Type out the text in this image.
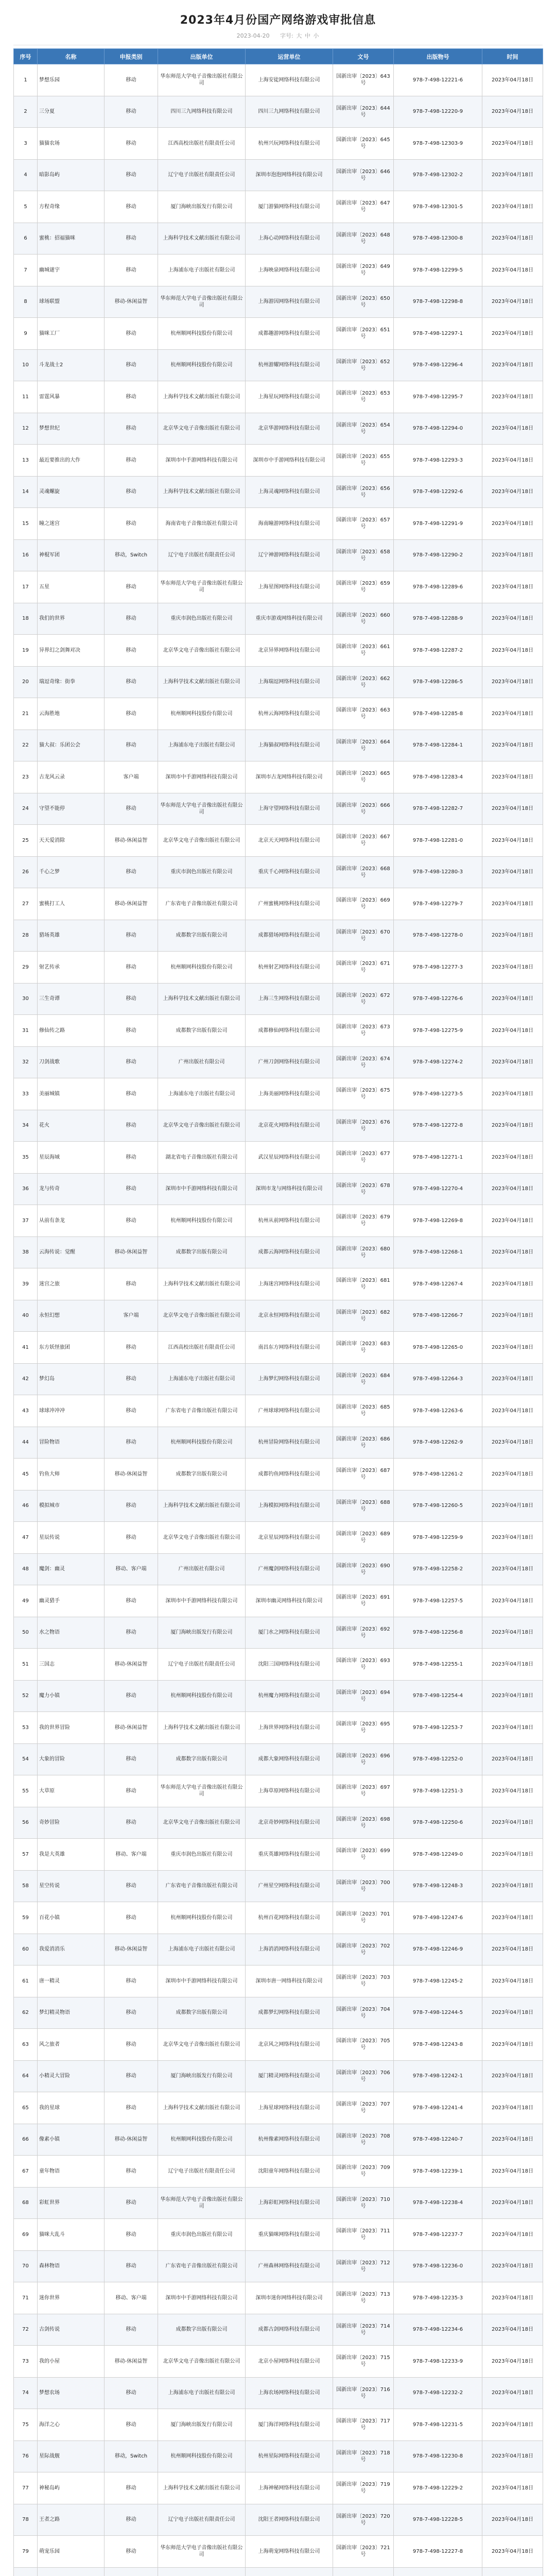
2023年4月份国产网络游戏审批信息
2023-04-20 字号: 大 中 小
序号	名称	申报类别	出版单位	运营单位	文号	出版物号	时间
1	梦想乐园	移动	华东师范大学电子音像出版社有限公司	上海安徒网络科技有限公司	国新出审〔2023〕643号	978-7-498-12221-6	2023年04月18日
2	三分夏	移动	四川三九网络科技有限公司	四川三九网络科技有限公司	国新出审〔2023〕644号	978-7-498-12220-9	2023年04月18日
3	猫猫农场	移动	江西高校出版社有限责任公司	杭州兴玩网络科技有限公司	国新出审〔2023〕645号	978-7-498-12303-9	2023年04月18日
4	暗影岛屿	移动	辽宁电子出版社有限责任公司	深圳市泡泡网络科技有限公司	国新出审〔2023〕646号	978-7-498-12302-2	2023年04月18日
5	方程奇缘	移动	厦门海峡出版发行有限公司	厦门游猫网络科技有限公司	国新出审〔2023〕647号	978-7-498-12301-5	2023年04月18日
6	蜜桃：招福猫咪	移动	上海科学技术文献出版社有限公司	上海心动网络科技有限公司	国新出审〔2023〕648号	978-7-498-12300-8	2023年04月18日
7	幽城谜宇	移动	上海浦东电子出版社有限公司	上海映泉网络科技有限公司	国新出审〔2023〕649号	978-7-498-12299-5	2023年04月18日
8	球场联盟	移动-休闲益智	华东师范大学电子音像出版社有限公司	上海游因网络科技有限公司	国新出审〔2023〕650号	978-7-498-12298-8	2023年04月18日
9	猫咪工厂	移动	杭州顺网科技股份有限公司	成都趣游网络科技有限公司	国新出审〔2023〕651号	978-7-498-12297-1	2023年04月18日
10	斗龙战士2	移动	杭州顺网科技股份有限公司	杭州游耀网络科技有限公司	国新出审〔2023〕652号	978-7-498-12296-4	2023年04月18日
11	雷霆风暴	移动	上海科学技术文献出版社有限公司	上海星玩网络科技有限公司	国新出审〔2023〕653号	978-7-498-12295-7	2023年04月18日
12	梦想世纪	移动	北京华文电子音像出版社有限公司	北京华游网络科技有限公司	国新出审〔2023〕654号	978-7-498-12294-0	2023年04月18日
13	最近要推出的大作	移动	深圳市中手游网络科技有限公司	深圳市中手游网络科技有限公司	国新出审〔2023〕655号	978-7-498-12293-3	2023年04月18日
14	灵魂螺旋	移动	上海科学技术文献出版社有限公司	上海灵魂网络科技有限公司	国新出审〔2023〕656号	978-7-498-12292-6	2023年04月18日
15	瞳之迷宫	移动	海南省电子音像出版社有限公司	海南瞳游网络科技有限公司	国新出审〔2023〕657号	978-7-498-12291-9	2023年04月18日
16	神棍军团	移动，Switch	辽宁电子出版社有限责任公司	辽宁神游网络科技有限公司	国新出审〔2023〕658号	978-7-498-12290-2	2023年04月18日
17	五星	移动	华东师范大学电子音像出版社有限公司	上海星图网络科技有限公司	国新出审〔2023〕659号	978-7-498-12289-6	2023年04月18日
18	我们的世界	移动	重庆市润色出版社有限公司	重庆市游戏网络科技有限公司	国新出审〔2023〕660号	978-7-498-12288-9	2023年04月18日
19	异界幻之剑舞对决	移动	北京华文电子音像出版社有限公司	北京异界网络科技有限公司	国新出审〔2023〕661号	978-7-498-12287-2	2023年04月18日
20	瑞逗奇缘：街拳	移动	上海科学技术文献出版社有限公司	上海瑞逗网络科技有限公司	国新出审〔2023〕662号	978-7-498-12286-5	2023年04月18日
21	云海胜地	移动	杭州顺网科技股份有限公司	杭州云海网络科技有限公司	国新出审〔2023〕663号	978-7-498-12285-8	2023年04月18日
22	猫大叔：乐团公会	移动	上海浦东电子出版社有限公司	上海猫叔网络科技有限公司	国新出审〔2023〕664号	978-7-498-12284-1	2023年04月18日
23	古龙风云录	客户端	深圳市中手游网络科技有限公司	深圳市古龙网络科技有限公司	国新出审〔2023〕665号	978-7-498-12283-4	2023年04月18日
24	守望不能停	移动	华东师范大学电子音像出版社有限公司	上海守望网络科技有限公司	国新出审〔2023〕666号	978-7-498-12282-7	2023年04月18日
25	天天爱消除	移动-休闲益智	北京华文电子音像出版社有限公司	北京天天网络科技有限公司	国新出审〔2023〕667号	978-7-498-12281-0	2023年04月18日
26	千心之梦	移动	重庆市润色出版社有限公司	重庆千心网络科技有限公司	国新出审〔2023〕668号	978-7-498-12280-3	2023年04月18日
27	蜜桃打工人	移动-休闲益智	广东省电子音像出版社有限公司	广州蜜桃网络科技有限公司	国新出审〔2023〕669号	978-7-498-12279-7	2023年04月18日
28	猎场英雄	移动	成都数字出版有限公司	成都猎场网络科技有限公司	国新出审〔2023〕670号	978-7-498-12278-0	2023年04月18日
29	射艺传承	移动	杭州顺网科技股份有限公司	杭州射艺网络科技有限公司	国新出审〔2023〕671号	978-7-498-12277-3	2023年04月18日
30	三生奇谭	移动	上海科学技术文献出版社有限公司	上海三生网络科技有限公司	国新出审〔2023〕672号	978-7-498-12276-6	2023年04月18日
31	修仙传之路	移动	成都数字出版有限公司	成都修仙网络科技有限公司	国新出审〔2023〕673号	978-7-498-12275-9	2023年04月18日
32	刀剑战歌	移动	广州出版社有限公司	广州刀剑网络科技有限公司	国新出审〔2023〕674号	978-7-498-12274-2	2023年04月18日
33	美丽城镇	移动	上海浦东电子出版社有限公司	上海美丽网络科技有限公司	国新出审〔2023〕675号	978-7-498-12273-5	2023年04月18日
34	花火	移动	北京华文电子音像出版社有限公司	北京花火网络科技有限公司	国新出审〔2023〕676号	978-7-498-12272-8	2023年04月18日
35	星辰海域	移动	湖北省电子音像出版社有限公司	武汉星辰网络科技有限公司	国新出审〔2023〕677号	978-7-498-12271-1	2023年04月18日
36	龙与传奇	移动	深圳市中手游网络科技有限公司	深圳市龙与网络科技有限公司	国新出审〔2023〕678号	978-7-498-12270-4	2023年04月18日
37	从前有条龙	移动	杭州顺网科技股份有限公司	杭州从前网络科技有限公司	国新出审〔2023〕679号	978-7-498-12269-8	2023年04月18日
38	云海传说：觉醒	移动-休闲益智	成都数字出版有限公司	成都云海网络科技有限公司	国新出审〔2023〕680号	978-7-498-12268-1	2023年04月18日
39	迷宫之旅	移动	上海科学技术文献出版社有限公司	上海迷宫网络科技有限公司	国新出审〔2023〕681号	978-7-498-12267-4	2023年04月18日
40	永恒幻想	客户端	北京华文电子音像出版社有限公司	北京永恒网络科技有限公司	国新出审〔2023〕682号	978-7-498-12266-7	2023年04月18日
41	东方妖怪旅团	移动	江西高校出版社有限责任公司	南昌东方网络科技有限公司	国新出审〔2023〕683号	978-7-498-12265-0	2023年04月18日
42	梦幻岛	移动	上海浦东电子出版社有限公司	上海梦幻网络科技有限公司	国新出审〔2023〕684号	978-7-498-12264-3	2023年04月18日
43	球球冲冲冲	移动	广东省电子音像出版社有限公司	广州球球网络科技有限公司	国新出审〔2023〕685号	978-7-498-12263-6	2023年04月18日
44	冒险物语	移动	杭州顺网科技股份有限公司	杭州冒险网络科技有限公司	国新出审〔2023〕686号	978-7-498-12262-9	2023年04月18日
45	钓鱼大师	移动-休闲益智	成都数字出版有限公司	成都钓鱼网络科技有限公司	国新出审〔2023〕687号	978-7-498-12261-2	2023年04月18日
46	模拟城市	移动	上海科学技术文献出版社有限公司	上海模拟网络科技有限公司	国新出审〔2023〕688号	978-7-498-12260-5	2023年04月18日
47	星辰传说	移动	北京华文电子音像出版社有限公司	北京星辰网络科技有限公司	国新出审〔2023〕689号	978-7-498-12259-9	2023年04月18日
48	魔剑：幽灵	移动、客户端	广州出版社有限公司	广州魔剑网络科技有限公司	国新出审〔2023〕690号	978-7-498-12258-2	2023年04月18日
49	幽灵猎手	移动	深圳市中手游网络科技有限公司	深圳市幽灵网络科技有限公司	国新出审〔2023〕691号	978-7-498-12257-5	2023年04月18日
50	水之物语	移动	厦门海峡出版发行有限公司	厦门水之网络科技有限公司	国新出审〔2023〕692号	978-7-498-12256-8	2023年04月18日
51	三国志	移动-休闲益智	辽宁电子出版社有限责任公司	沈阳三国网络科技有限公司	国新出审〔2023〕693号	978-7-498-12255-1	2023年04月18日
52	魔力小镇	移动	杭州顺网科技股份有限公司	杭州魔力网络科技有限公司	国新出审〔2023〕694号	978-7-498-12254-4	2023年04月18日
53	我的世界冒险	移动-休闲益智	上海科学技术文献出版社有限公司	上海世界网络科技有限公司	国新出审〔2023〕695号	978-7-498-12253-7	2023年04月18日
54	大象的冒险	移动	成都数字出版有限公司	成都大象网络科技有限公司	国新出审〔2023〕696号	978-7-498-12252-0	2023年04月18日
55	大草原	移动	华东师范大学电子音像出版社有限公司	上海草原网络科技有限公司	国新出审〔2023〕697号	978-7-498-12251-3	2023年04月18日
56	奇妙冒险	移动	北京华文电子音像出版社有限公司	北京奇妙网络科技有限公司	国新出审〔2023〕698号	978-7-498-12250-6	2023年04月18日
57	我是大英雄	移动、客户端	重庆市润色出版社有限公司	重庆英雄网络科技有限公司	国新出审〔2023〕699号	978-7-498-12249-0	2023年04月18日
58	星空传说	移动	广东省电子音像出版社有限公司	广州星空网络科技有限公司	国新出审〔2023〕700号	978-7-498-12248-3	2023年04月18日
59	百花小镇	移动	杭州顺网科技股份有限公司	杭州百花网络科技有限公司	国新出审〔2023〕701号	978-7-498-12247-6	2023年04月18日
60	我爱消消乐	移动-休闲益智	上海浦东电子出版社有限公司	上海消消网络科技有限公司	国新出审〔2023〕702号	978-7-498-12246-9	2023年04月18日
61	唐一精灵	移动	深圳市中手游网络科技有限公司	深圳市唐一网络科技有限公司	国新出审〔2023〕703号	978-7-498-12245-2	2023年04月18日
62	梦幻精灵物语	移动	成都数字出版有限公司	成都梦幻网络科技有限公司	国新出审〔2023〕704号	978-7-498-12244-5	2023年04月18日
63	风之旅者	移动	北京华文电子音像出版社有限公司	北京风之网络科技有限公司	国新出审〔2023〕705号	978-7-498-12243-8	2023年04月18日
64	小精灵大冒险	移动	厦门海峡出版发行有限公司	厦门精灵网络科技有限公司	国新出审〔2023〕706号	978-7-498-12242-1	2023年04月18日
65	我的星球	移动	上海科学技术文献出版社有限公司	上海星球网络科技有限公司	国新出审〔2023〕707号	978-7-498-12241-4	2023年04月18日
66	像素小镇	移动-休闲益智	杭州顺网科技股份有限公司	杭州像素网络科技有限公司	国新出审〔2023〕708号	978-7-498-12240-7	2023年04月18日
67	童年物语	移动	辽宁电子出版社有限责任公司	沈阳童年网络科技有限公司	国新出审〔2023〕709号	978-7-498-12239-1	2023年04月18日
68	彩虹世界	移动	华东师范大学电子音像出版社有限公司	上海彩虹网络科技有限公司	国新出审〔2023〕710号	978-7-498-12238-4	2023年04月18日
69	猫咪大乱斗	移动	重庆市润色出版社有限公司	重庆猫咪网络科技有限公司	国新出审〔2023〕711号	978-7-498-12237-7	2023年04月18日
70	森林物语	移动	广东省电子音像出版社有限公司	广州森林网络科技有限公司	国新出审〔2023〕712号	978-7-498-12236-0	2023年04月18日
71	迷你世界	移动、客户端	深圳市中手游网络科技有限公司	深圳市迷你网络科技有限公司	国新出审〔2023〕713号	978-7-498-12235-3	2023年04月18日
72	古剑传说	移动	成都数字出版有限公司	成都古剑网络科技有限公司	国新出审〔2023〕714号	978-7-498-12234-6	2023年04月18日
73	我的小屋	移动-休闲益智	北京华文电子音像出版社有限公司	北京小屋网络科技有限公司	国新出审〔2023〕715号	978-7-498-12233-9	2023年04月18日
74	梦想农场	移动	上海浦东电子出版社有限公司	上海农场网络科技有限公司	国新出审〔2023〕716号	978-7-498-12232-2	2023年04月18日
75	海洋之心	移动	厦门海峡出版发行有限公司	厦门海洋网络科技有限公司	国新出审〔2023〕717号	978-7-498-12231-5	2023年04月18日
76	星际战舰	移动，Switch	杭州顺网科技股份有限公司	杭州星际网络科技有限公司	国新出审〔2023〕718号	978-7-498-12230-8	2023年04月18日
77	神秘岛屿	移动	上海科学技术文献出版社有限公司	上海神秘网络科技有限公司	国新出审〔2023〕719号	978-7-498-12229-2	2023年04月18日
78	王者之路	移动	辽宁电子出版社有限责任公司	沈阳王者网络科技有限公司	国新出审〔2023〕720号	978-7-498-12228-5	2023年04月18日
79	萌宠乐园	移动	华东师范大学电子音像出版社有限公司	上海萌宠网络科技有限公司	国新出审〔2023〕721号	978-7-498-12227-8	2023年04月18日
